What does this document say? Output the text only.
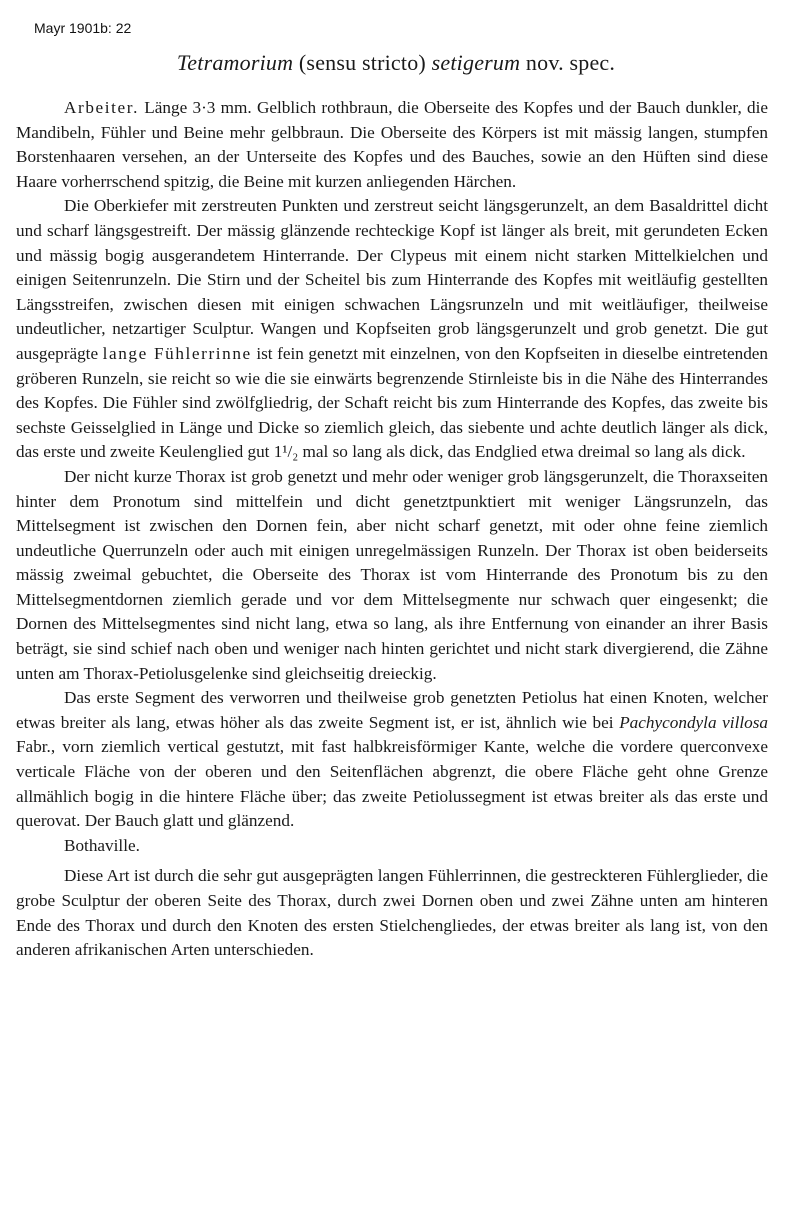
Mayr 1901b: 22
Tetramorium (sensu stricto) setigerum nov. spec.

Arbeiter. Länge 3·3 mm. Gelblich rothbraun, die Oberseite des Kopfes und der Bauch dunkler, die Mandibeln, Fühler und Beine mehr gelbbraun. Die Oberseite des Körpers ist mit mässig langen, stumpfen Borstenhaaren versehen, an der Unterseite des Kopfes und des Bauches, sowie an den Hüften sind diese Haare vorherrschend spitzig, die Beine mit kurzen anliegenden Härchen.

Die Oberkiefer mit zerstreuten Punkten und zerstreut seicht längsgerunzelt, an dem Basaldrittel dicht und scharf längsgestreift. Der mässig glänzende rechteckige Kopf ist länger als breit, mit gerundeten Ecken und mässig bogig ausgerandetem Hinterrande. Der Clypeus mit einem nicht starken Mittelkielchen und einigen Seitenrunzeln. Die Stirn und der Scheitel bis zum Hinterrande des Kopfes mit weitläufig gestellten Längsstreifen, zwischen diesen mit einigen schwachen Längsrunzeln und mit weitläufiger, theilweise undeutlicher, netzartiger Sculptur. Wangen und Kopfseiten grob längsgerunzelt und grob genetzt. Die gut ausgeprägte lange Fühlerrinne ist fein genetzt mit einzelnen, von den Kopfseiten in dieselbe eintretenden gröberen Runzeln, sie reicht so wie die sie einwärts begrenzende Stirnleiste bis in die Nähe des Hinterrandes des Kopfes. Die Fühler sind zwölfgliedrig, der Schaft reicht bis zum Hinterrande des Kopfes, das zweite bis sechste Geisselglied in Länge und Dicke so ziemlich gleich, das siebente und achte deutlich länger als dick, das erste und zweite Keulenglied gut 1¹/₂ mal so lang als dick, das Endglied etwa dreimal so lang als dick.

Der nicht kurze Thorax ist grob genetzt und mehr oder weniger grob längsgerunzelt, die Thoraxseiten hinter dem Pronotum sind mittelfein und dicht genetztpunktiert mit weniger Längsrunzeln, das Mittelsegment ist zwischen den Dornen fein, aber nicht scharf genetzt, mit oder ohne feine ziemlich undeutliche Querrunzeln oder auch mit einigen unregelmässigen Runzeln. Der Thorax ist oben beiderseits mässig zweimal gebuchtet, die Oberseite des Thorax ist vom Hinterrande des Pronotum bis zu den Mittelsegmentdornen ziemlich gerade und vor dem Mittelsegmente nur schwach quer eingesenkt; die Dornen des Mittelsegmentes sind nicht lang, etwa so lang, als ihre Entfernung von einander an ihrer Basis beträgt, sie sind schief nach oben und weniger nach hinten gerichtet und nicht stark divergierend, die Zähne unten am Thorax-Petiolusgelenke sind gleichseitig dreieckig.

Das erste Segment des verworren und theilweise grob genetzten Petiolus hat einen Knoten, welcher etwas breiter als lang, etwas höher als das zweite Segment ist, er ist, ähnlich wie bei Pachycondyla villosa Fabr., vorn ziemlich vertical gestutzt, mit fast halbkreisförmiger Kante, welche die vordere querconvexe verticale Fläche von der oberen und den Seitenflächen abgrenzt, die obere Fläche geht ohne Grenze allmählich bogig in die hintere Fläche über; das zweite Petiolussegment ist etwas breiter als das erste und querovat. Der Bauch glatt und glänzend.

Bothaville.

Diese Art ist durch die sehr gut ausgeprägten langen Fühlerrinnen, die gestreckteren Fühlerglieder, die grobe Sculptur der oberen Seite des Thorax, durch zwei Dornen oben und zwei Zähne unten am hinteren Ende des Thorax und durch den Knoten des ersten Stielchengliedes, der etwas breiter als lang ist, von den anderen afrikanischen Arten unterschieden.
